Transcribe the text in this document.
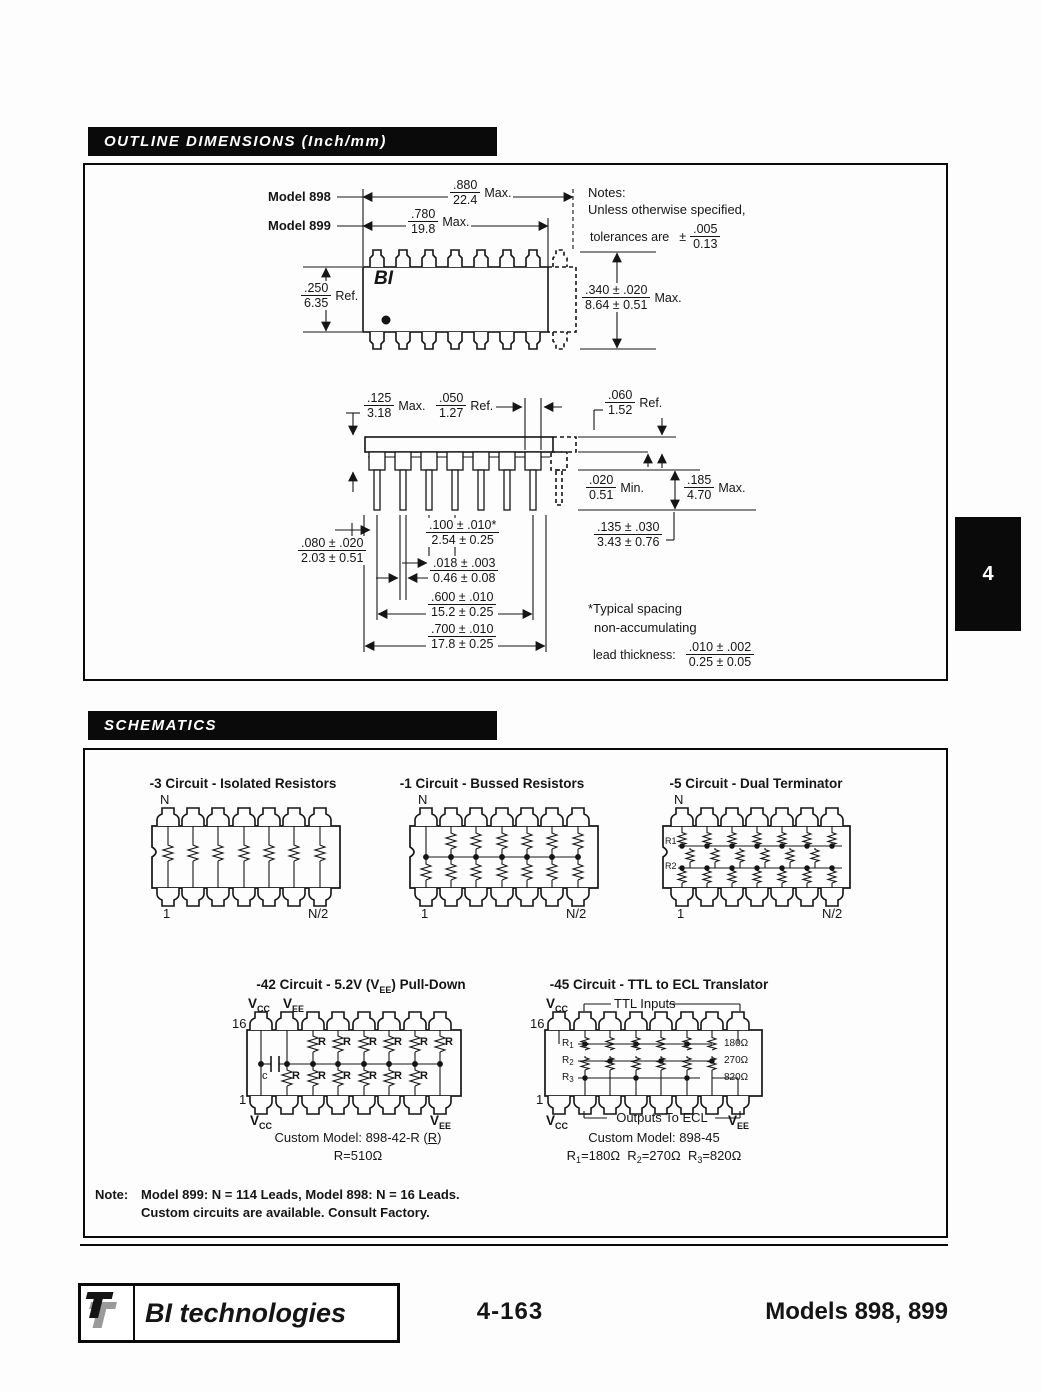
OUTLINE DIMENSIONS (Inch/mm)
SCHEMATICS
4
Model 898
Model 899
$\frac{.880}{22.4}$ Max.
$\frac{.780}{19.8}$ Max.
$\frac{.250}{6.35}$ Ref.	$\frac{.340 \pm .020}{8.64 \pm 0.51}$ Max.
Notes:
Unless otherwise specified,
tolerances are ± $\frac{.005}{0.13}$
BI
$\frac{.125}{3.18}$ Max. $\frac{.050}{1.27}$ Ref.	$\frac{.060}{1.52}$ Ref.
$\frac{.020}{0.51}$ Min.	$\frac{.185}{4.70}$ Max.
$\frac{.080 \pm .020}{2.03 \pm 0.51}$
$\frac{.100 \pm .010*}{2.54 \pm 0.25}$
$\frac{.018 \pm .003}{0.46 \pm 0.08}$
$\frac{.600 \pm .010}{15.2 \pm 0.25}$
$\frac{.700 \pm .010}{17.8 \pm 0.25}$
$\frac{.135 \pm .030}{3.43 \pm 0.76}$
*Typical spacing
non-accumulating
lead thickness: $\frac{.010 \pm .002}{0.25 \pm 0.05}$
-3 Circuit - Isolated Resistors	-1 Circuit - Bussed Resistors	-5 Circuit - Dual Terminator
N
1	N/2
N
1	N/2
N
1	N/2
R1
R2
-42 Circuit - 5.2V $(V_{EE})$ Pull-Down
$V_{CC}$ $V_{EE}$
16
1
c
R R R R R R
R R R R R R
$V_{CC}$	$V_{EE}$
Custom Model: 898-42-R (R)
R=510Ω
-45 Circuit - TTL to ECL Translator
$V_{CC}$	TTL Inputs
16
1
$R_1$
$R_2$
$R_3$
180Ω
270Ω
820Ω
$V_{CC}$
Outputs To ECL	$V_{EE}$
Custom Model: 898-45
$R_1=180\Omega$ $R_2=270\Omega$ $R_3=820\Omega$
Note: Model 899: N = 114 Leads, Model 898: N = 16 Leads.
Custom circuits are available. Consult Factory.
BI technologies	4-163	Models 898, 899
